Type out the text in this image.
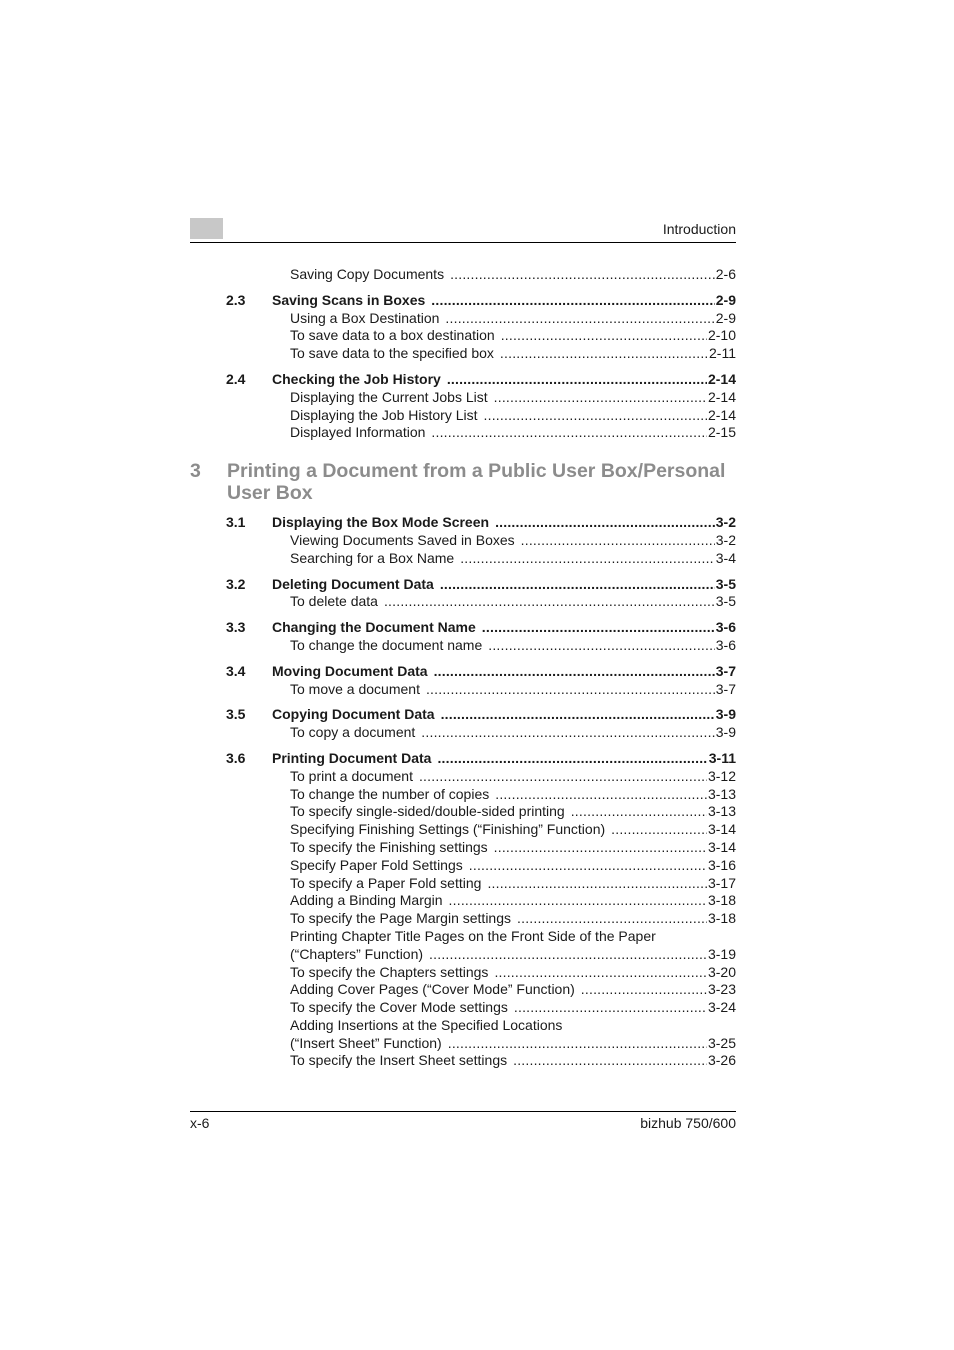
Introduction
Saving Copy Documents .....	2-6
2.3	Saving Scans in Boxes .....	2-9
Using a Box Destination .....	2-9
To save data to a box destination .....	2-10
To save data to the specified box .....	2-11
2.4	Checking the Job History .....	2-14
Displaying the Current Jobs List .....	2-14
Displaying the Job History List .....	2-14
Displayed Information .....	2-15
3	Printing a Document from a Public User Box/Personal User Box
3.1	Displaying the Box Mode Screen .....	3-2
Viewing Documents Saved in Boxes .....	3-2
Searching for a Box Name .....	3-4
3.2	Deleting Document Data .....	3-5
To delete data .....	3-5
3.3	Changing the Document Name .....	3-6
To change the document name .....	3-6
3.4	Moving Document Data .....	3-7
To move a document .....	3-7
3.5	Copying Document Data .....	3-9
To copy a document .....	3-9
3.6	Printing Document Data .....	3-11
To print a document .....	3-12
To change the number of copies .....	3-13
To specify single-sided/double-sided printing .....	3-13
Specifying Finishing Settings (“Finishing” Function) .....	3-14
To specify the Finishing settings .....	3-14
Specify Paper Fold Settings .....	3-16
To specify a Paper Fold setting .....	3-17
Adding a Binding Margin .....	3-18
To specify the Page Margin settings .....	3-18
Printing Chapter Title Pages on the Front Side of the Paper
(“Chapters” Function) .....	3-19
To specify the Chapters settings .....	3-20
Adding Cover Pages (“Cover Mode” Function) .....	3-23
To specify the Cover Mode settings .....	3-24
Adding Insertions at the Specified Locations
(“Insert Sheet” Function) .....	3-25
To specify the Insert Sheet settings .....	3-26
x-6	bizhub 750/600
